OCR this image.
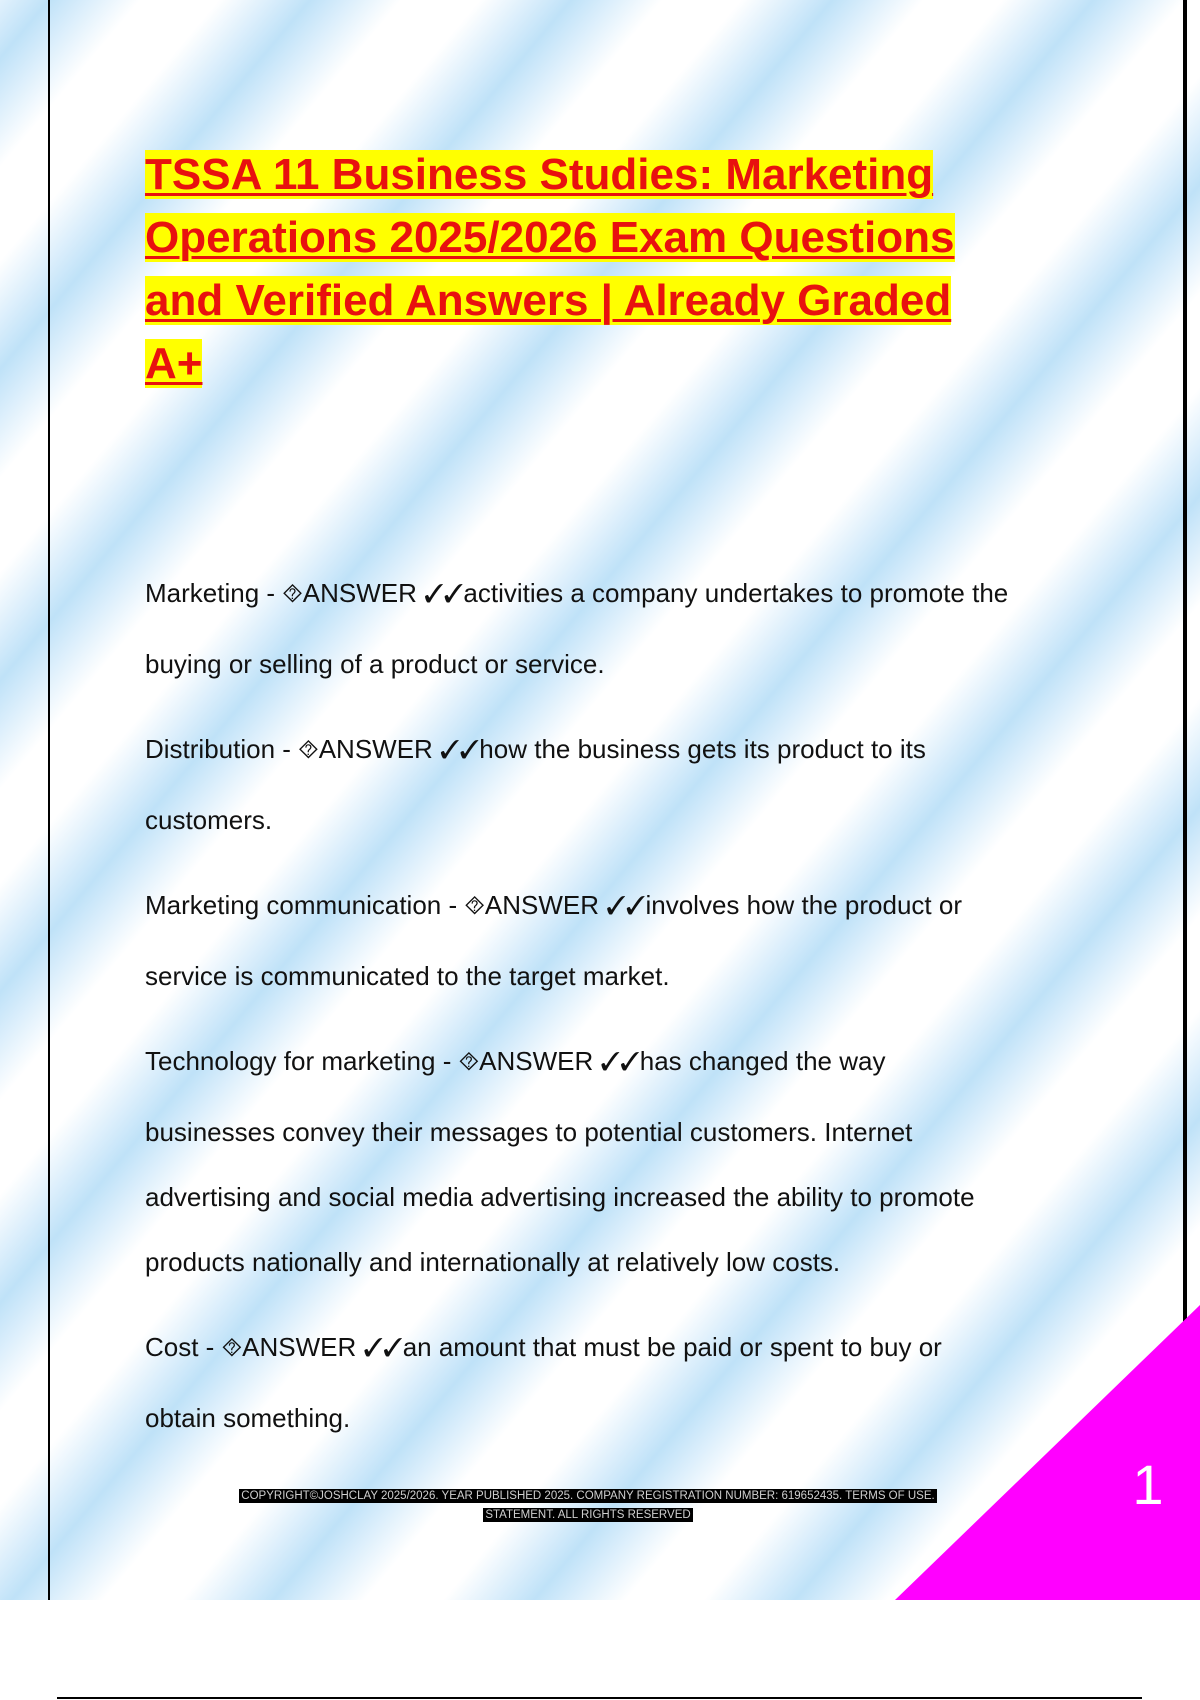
TSSA 11 Business Studies: Marketing
Operations 2025/2026 Exam Questions
and Verified Answers | Already Graded
A+
Marketing - ⯑ANSWER ✓✓activities a company undertakes to promote the
buying or selling of a product or service.
Distribution - ⯑ANSWER ✓✓how the business gets its product to its
customers.
Marketing communication - ⯑ANSWER ✓✓involves how the product or
service is communicated to the target market.
Technology for marketing - ⯑ANSWER ✓✓has changed the way
businesses convey their messages to potential customers. Internet
advertising and social media advertising increased the ability to promote
products nationally and internationally at relatively low costs.
Cost - ⯑ANSWER ✓✓an amount that must be paid or spent to buy or
obtain something.
COPYRIGHT©JOSHCLAY 2025/2026. YEAR PUBLISHED 2025. COMPANY REGISTRATION NUMBER: 619652435. TERMS OF USE.
STATEMENT. ALL RIGHTS RESERVED	1
